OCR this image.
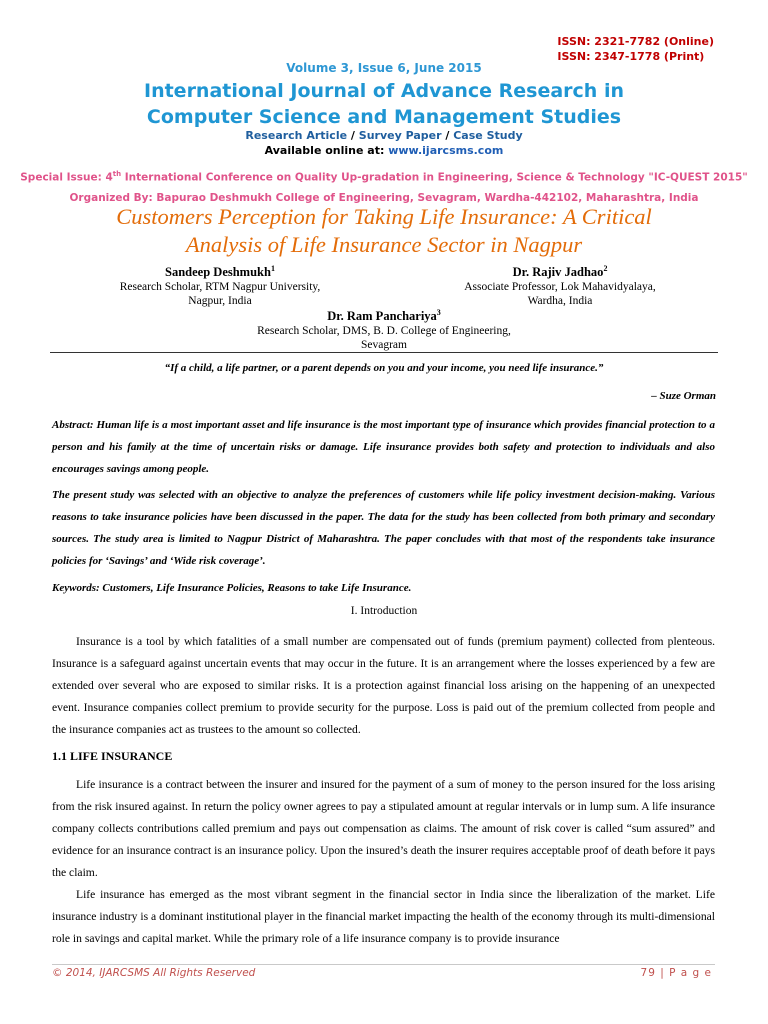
ISSN: 2321-7782 (Online)
ISSN: 2347-1778 (Print)
Volume 3, Issue 6, June 2015
International Journal of Advance Research in
Computer Science and Management Studies
Research Article / Survey Paper / Case Study
Available online at: www.ijarcsms.com
Special Issue: 4th International Conference on Quality Up-gradation in Engineering, Science & Technology "IC-QUEST 2015"
Organized By: Bapurao Deshmukh College of Engineering, Sevagram, Wardha-442102, Maharashtra, India
Customers Perception for Taking Life Insurance: A Critical
Analysis of Life Insurance Sector in Nagpur
Sandeep Deshmukh$^1$
Research Scholar, RTM Nagpur University,
Nagpur, India
Dr. Rajiv Jadhao$^2$
Associate Professor, Lok Mahavidyalaya,
Wardha, India
Dr. Ram Panchariya$^3$
Research Scholar, DMS, B. D. College of Engineering,
Sevagram
“If a child, a life partner, or a parent depends on you and your income, you need life insurance.”
– Suze Orman
Abstract: Human life is a most important asset and life insurance is the most important type of insurance which provides financial protection to a person and his family at the time of uncertain risks or damage. Life insurance provides both safety and protection to individuals and also encourages savings among people.
The present study was selected with an objective to analyze the preferences of customers while life policy investment decision-making. Various reasons to take insurance policies have been discussed in the paper. The data for the study has been collected from both primary and secondary sources. The study area is limited to Nagpur District of Maharashtra. The paper concludes with that most of the respondents take insurance policies for ‘Savings’ and ‘Wide risk coverage’.
Keywords: Customers, Life Insurance Policies, Reasons to take Life Insurance.
I. Introduction
Insurance is a tool by which fatalities of a small number are compensated out of funds (premium payment) collected from plenteous. Insurance is a safeguard against uncertain events that may occur in the future. It is an arrangement where the losses experienced by a few are extended over several who are exposed to similar risks. It is a protection against financial loss arising on the happening of an unexpected event. Insurance companies collect premium to provide security for the purpose. Loss is paid out of the premium collected from people and the insurance companies act as trustees to the amount so collected.
1.1 LIFE INSURANCE
Life insurance is a contract between the insurer and insured for the payment of a sum of money to the person insured for the loss arising from the risk insured against. In return the policy owner agrees to pay a stipulated amount at regular intervals or in lump sum. A life insurance company collects contributions called premium and pays out compensation as claims. The amount of risk cover is called “sum assured” and evidence for an insurance contract is an insurance policy. Upon the insured’s death the insurer requires acceptable proof of death before it pays the claim.
Life insurance has emerged as the most vibrant segment in the financial sector in India since the liberalization of the market. Life insurance industry is a dominant institutional player in the financial market impacting the health of the economy through its multi-dimensional role in savings and capital market. While the primary role of a life insurance company is to provide insurance
© 2014, IJARCSMS All Rights Reserved	79 | P a g e
